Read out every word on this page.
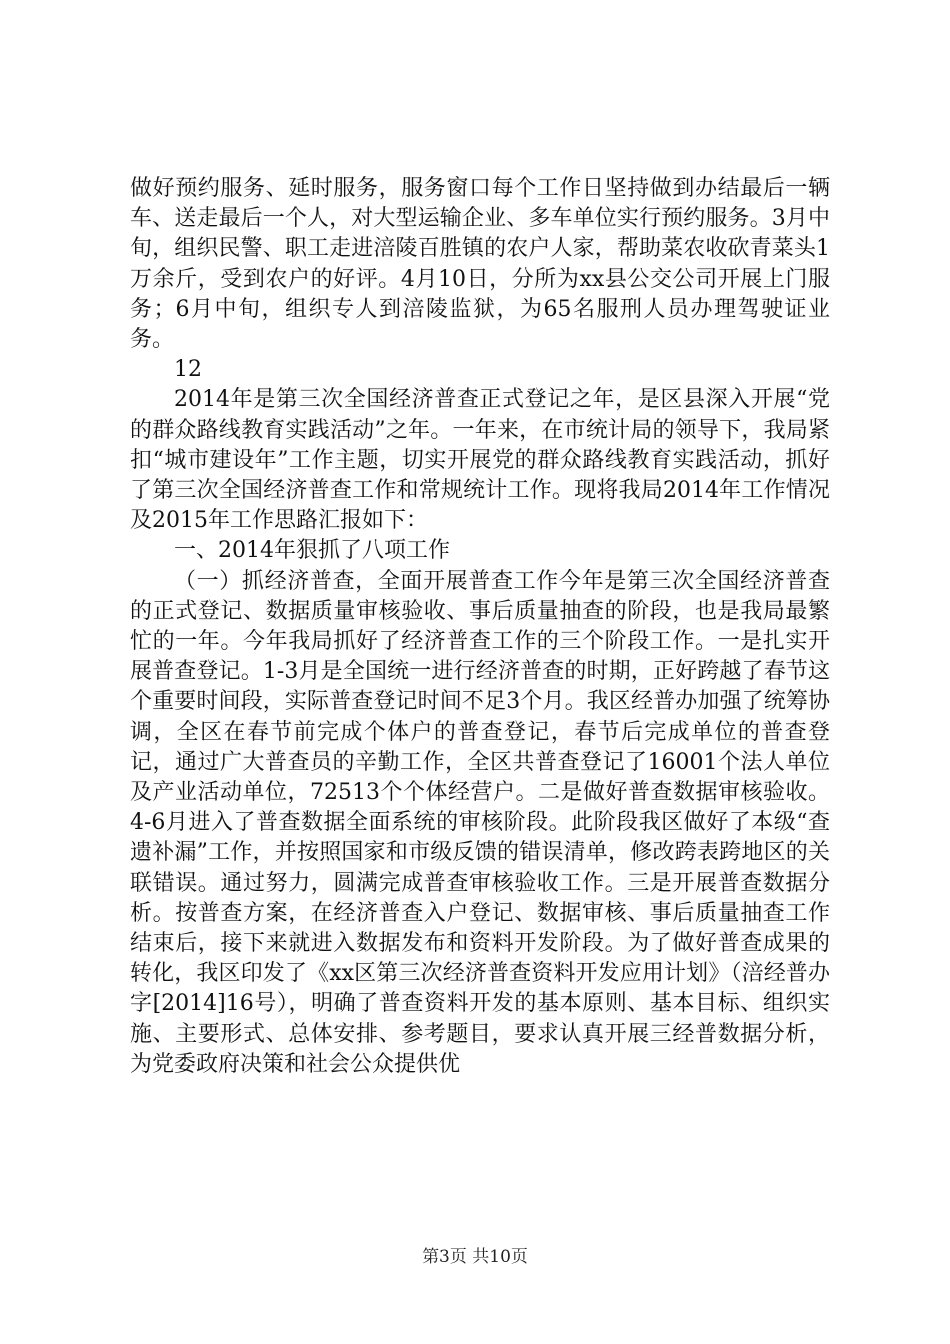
做好预约服务、延时服务，服务窗口每个工作日坚持做到办结最后一辆车、送走最后一个人，对大型运输企业、多车单位实行预约服务。3月中旬，组织民警、职工走进涪陵百胜镇的农户人家，帮助菜农收砍青菜头1万余斤，受到农户的好评。4月10日，分所为xx县公交公司开展上门服务；6月中旬，组织专人到涪陵监狱，为65名服刑人员办理驾驶证业务。

12

2014年是第三次全国经济普查正式登记之年，是区县深入开展“党的群众路线教育实践活动”之年。一年来，在市统计局的领导下，我局紧扣“城市建设年”工作主题，切实开展党的群众路线教育实践活动，抓好了第三次全国经济普查工作和常规统计工作。现将我局2014年工作情况及2015年工作思路汇报如下：

一、2014年狠抓了八项工作

（一）抓经济普查，全面开展普查工作今年是第三次全国经济普查的正式登记、数据质量审核验收、事后质量抽查的阶段，也是我局最繁忙的一年。今年我局抓好了经济普查工作的三个阶段工作。一是扎实开展普查登记。1-3月是全国统一进行经济普查的时期，正好跨越了春节这个重要时间段，实际普查登记时间不足3个月。我区经普办加强了统筹协调，全区在春节前完成个体户的普查登记，春节后完成单位的普查登记，通过广大普查员的辛勤工作，全区共普查登记了16001个法人单位及产业活动单位，72513个个体经营户。二是做好普查数据审核验收。4-6月进入了普查数据全面系统的审核阶段。此阶段我区做好了本级“查遗补漏”工作，并按照国家和市级反馈的错误清单，修改跨表跨地区的关联错误。通过努力，圆满完成普查审核验收工作。三是开展普查数据分析。按普查方案，在经济普查入户登记、数据审核、事后质量抽查工作结束后，接下来就进入数据发布和资料开发阶段。为了做好普查成果的转化，我区印发了《xx区第三次经济普查资料开发应用计划》（涪经普办字[2014]16号），明确了普查资料开发的基本原则、基本目标、组织实施、主要形式、总体安排、参考题目，要求认真开展三经普数据分析，为党委政府决策和社会公众提供优

第3页 共10页
